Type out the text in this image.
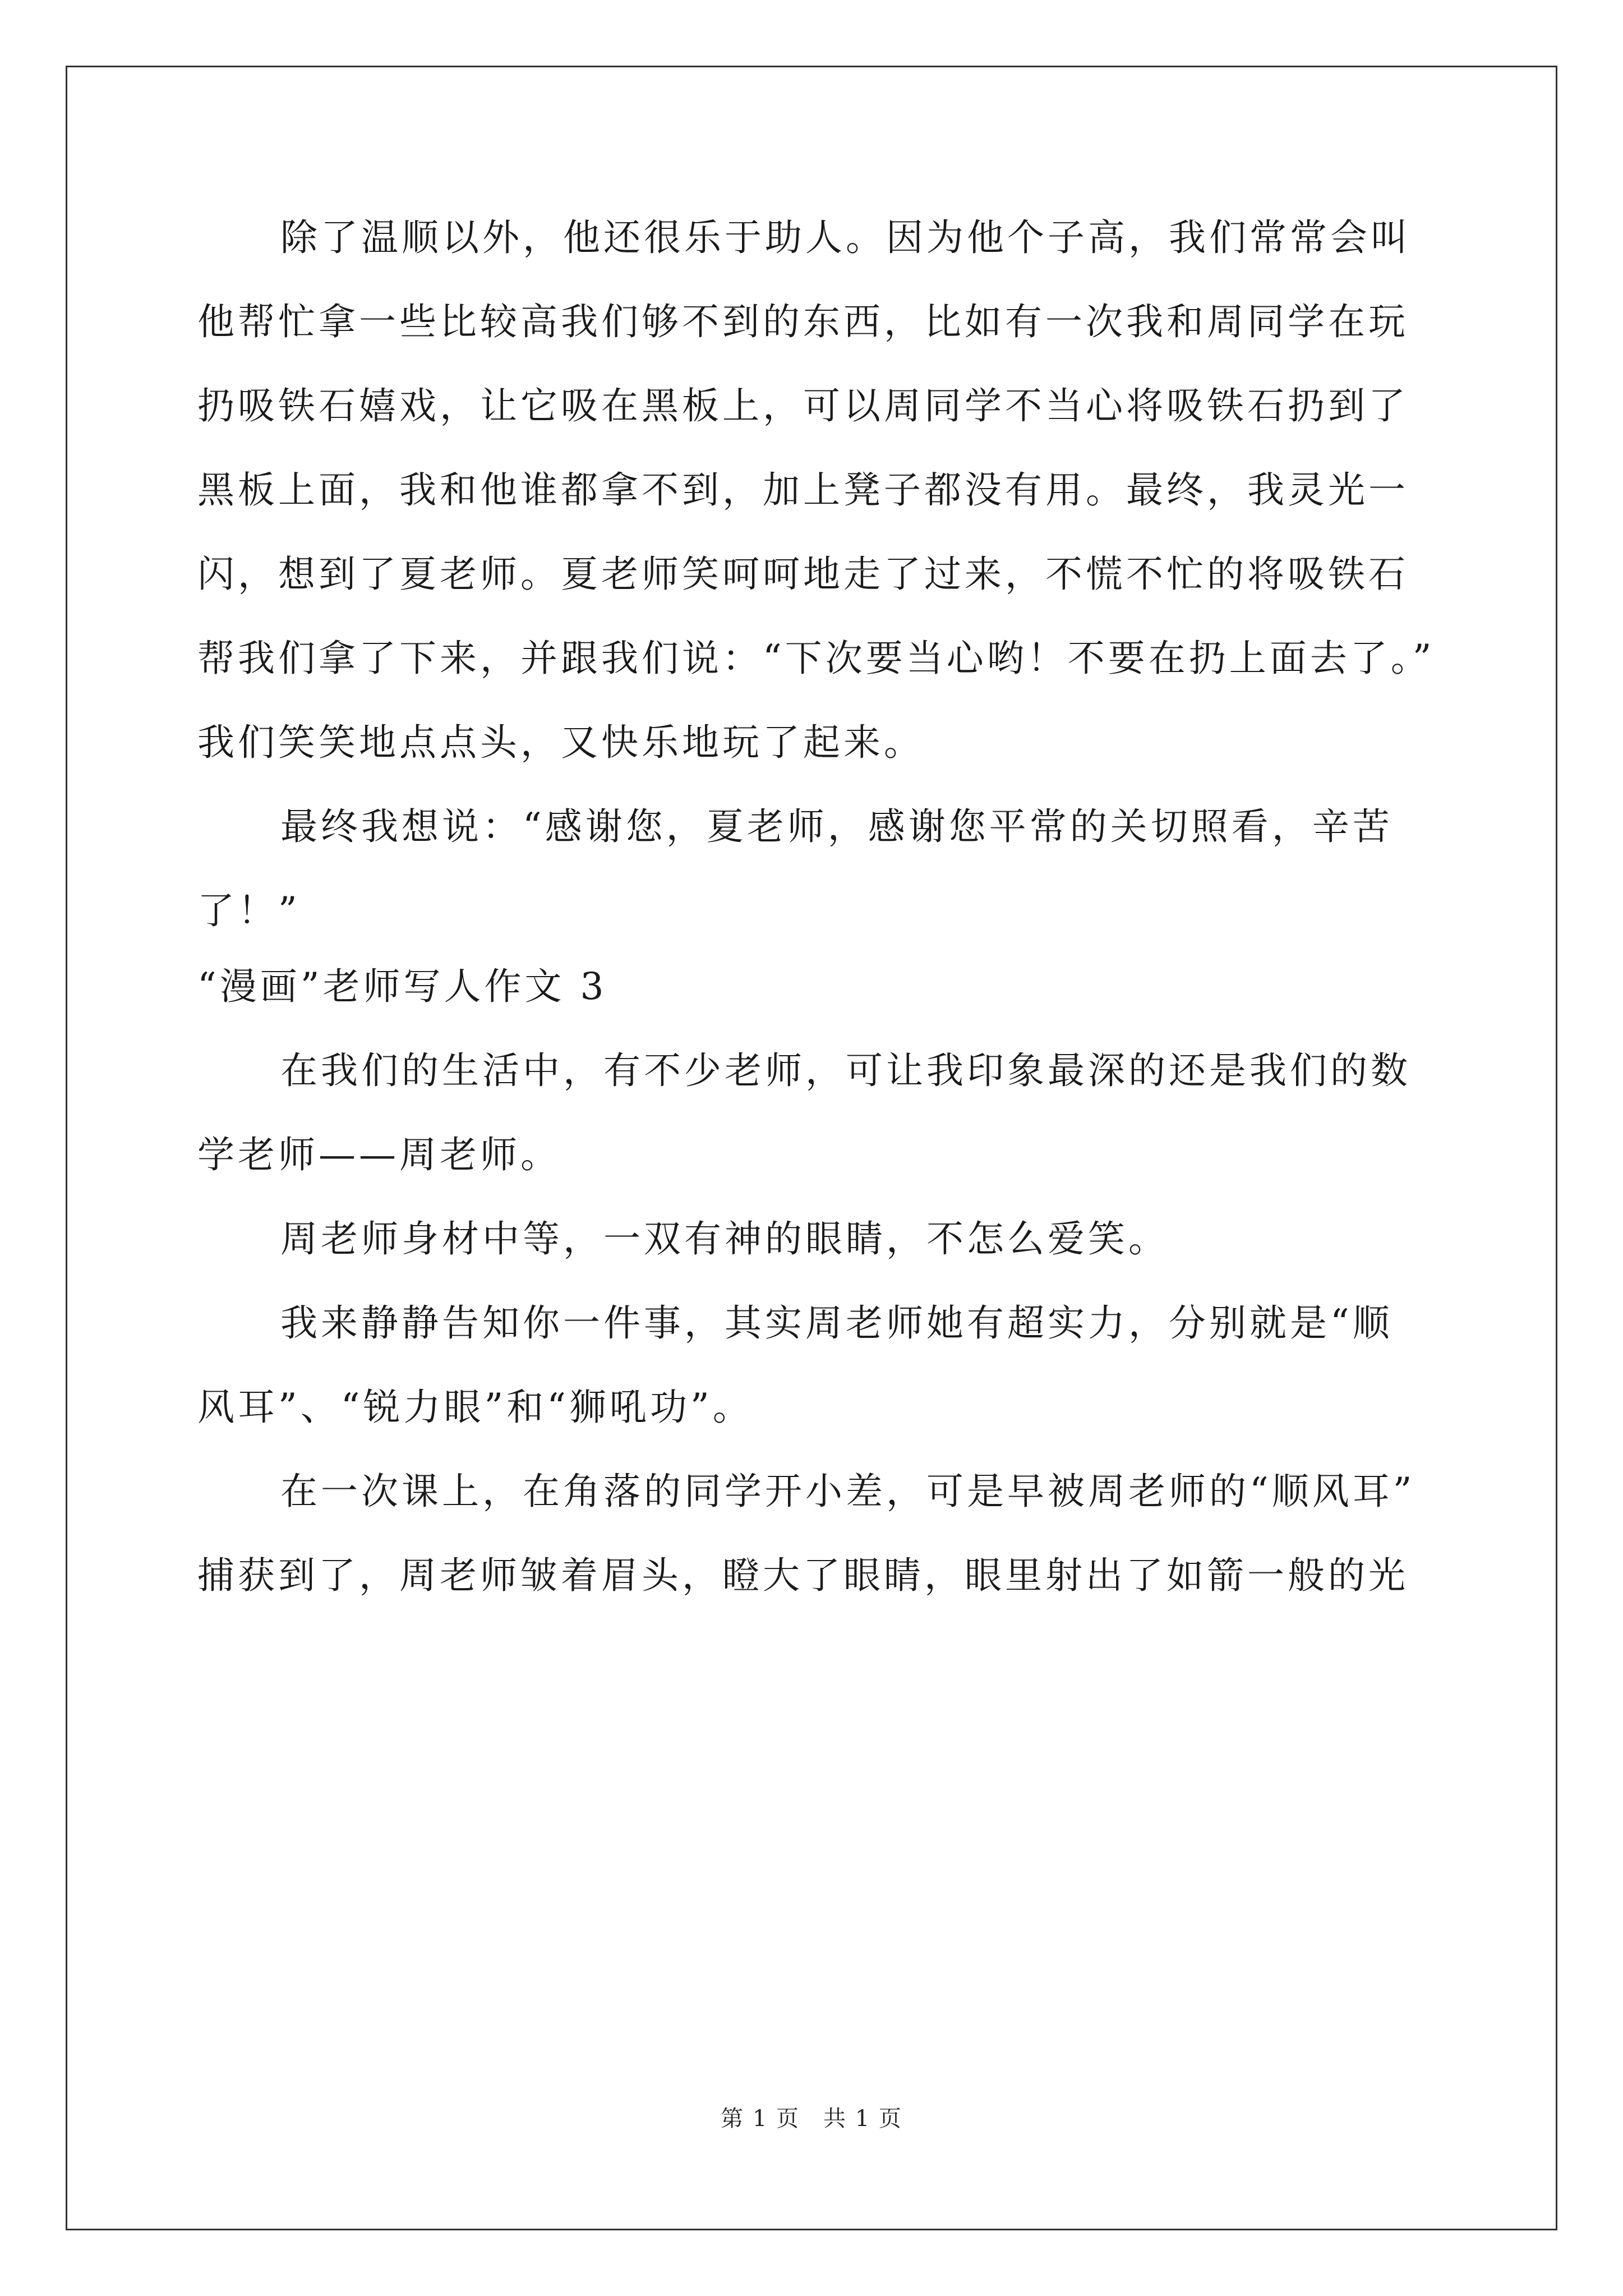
除了温顺以外，他还很乐于助人。因为他个子高，我们常常会叫
他帮忙拿一些比较高我们够不到的东西，比如有一次我和周同学在玩
扔吸铁石嬉戏，让它吸在黑板上，可以周同学不当心将吸铁石扔到了
黑板上面，我和他谁都拿不到，加上凳子都没有用。最终，我灵光一
闪，想到了夏老师。夏老师笑呵呵地走了过来，不慌不忙的将吸铁石
帮我们拿了下来，并跟我们说：“下次要当心哟！不要在扔上面去了。”
我们笑笑地点点头，又快乐地玩了起来。
最终我想说：“感谢您，夏老师，感谢您平常的关切照看，辛苦
了！”
“漫画”老师写人作文 3
在我们的生活中，有不少老师，可让我印象最深的还是我们的数
学老师——周老师。
周老师身材中等，一双有神的眼睛，不怎么爱笑。
我来静静告知你一件事，其实周老师她有超实力，分别就是“顺
风耳”、“锐力眼”和“狮吼功”。
在一次课上，在角落的同学开小差，可是早被周老师的“顺风耳”
捕获到了，周老师皱着眉头，瞪大了眼睛，眼里射出了如箭一般的光
第 1 页　共 1 页
